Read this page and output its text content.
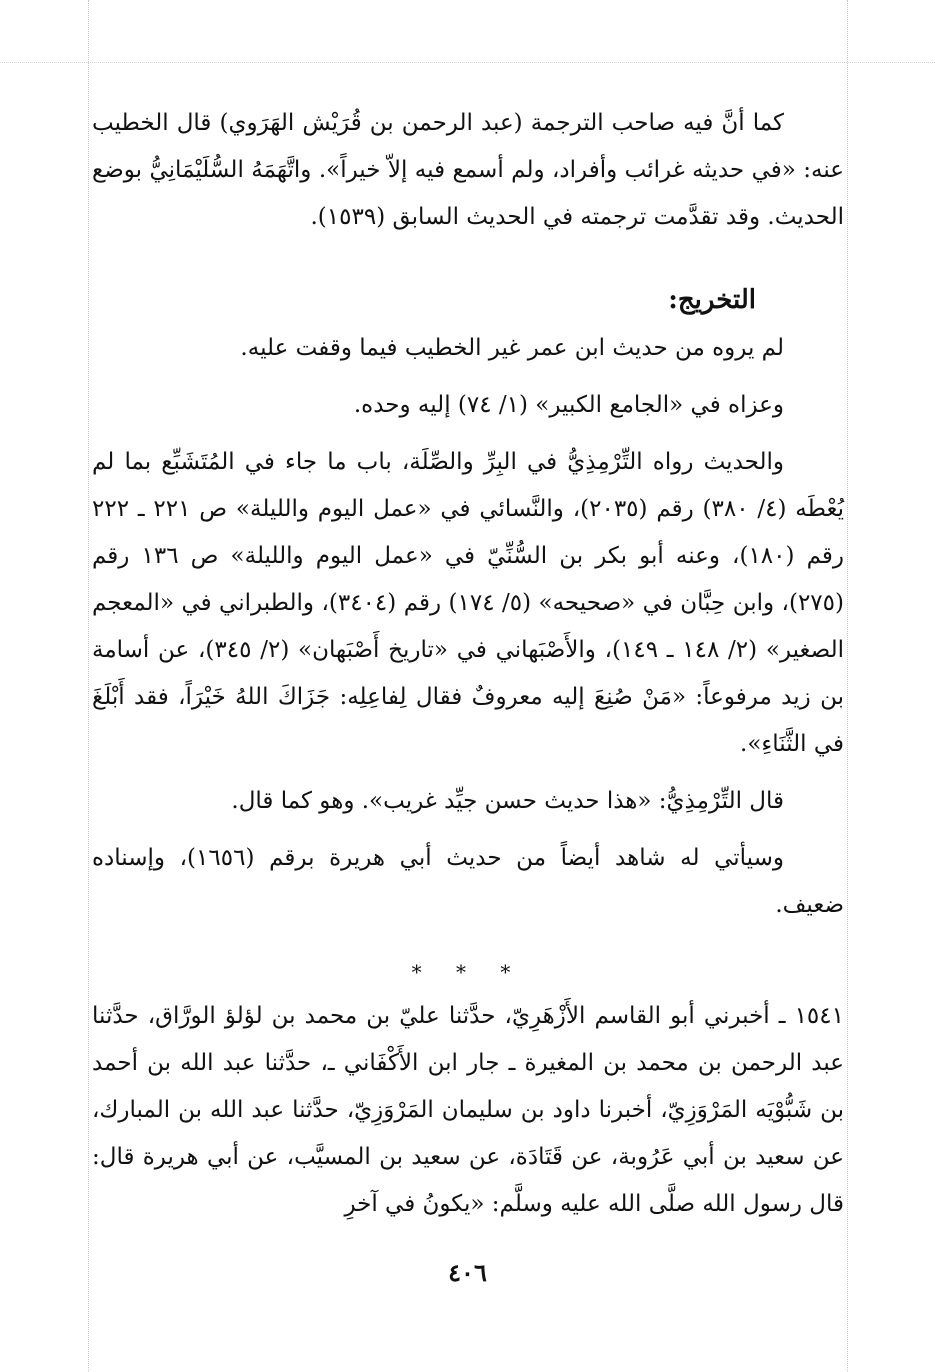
كما أنَّ فيه صاحب الترجمة (عبد الرحمن بن قُرَيْش الهَرَوي) قال الخطيب عنه: «في حديثه غرائب وأفراد، ولم أسمع فيه إلاّ خيراً». واتَّهَمَهُ السُّلَيْمَانِيُّ بوضع الحديث. وقد تقدَّمت ترجمته في الحديث السابق (١٥٣٩).

التخريج:

لم يروه من حديث ابن عمر غير الخطيب فيما وقفت عليه.

وعزاه في «الجامع الكبير» (١/ ٧٤) إليه وحده.

والحديث رواه التِّرْمِذِيُّ في البِرِّ والصِّلَة، باب ما جاء في المُتَشَبِّع بما لم يُعْطَه (٤/ ٣٨٠) رقم (٢٠٣٥)، والنَّسائي في «عمل اليوم والليلة» ص ٢٢١ ـ ٢٢٢ رقم (١٨٠)، وعنه أبو بكر بن السُّنِّيّ في «عمل اليوم والليلة» ص ١٣٦ رقم (٢٧٥)، وابن حِبَّان في «صحيحه» (٥/ ١٧٤) رقم (٣٤٠٤)، والطبراني في «المعجم الصغير» (٢/ ١٤٨ ـ ١٤٩)، والأَصْبَهاني في «تاريخ أَصْبَهان» (٢/ ٣٤٥)، عن أسامة بن زيد مرفوعاً: «مَنْ صُنِعَ إليه معروفٌ فقال لِفاعِلِه: جَزَاكَ اللهُ خَيْرَاً، فقد أَبْلَغَ في الثَّنَاءِ».

قال التِّرْمِذِيُّ: «هذا حديث حسن جيِّد غريب». وهو كما قال.

وسيأتي له شاهد أيضاً من حديث أبي هريرة برقم (١٦٥٦)، وإسناده ضعيف.

* * *

١٥٤١ ـ أخبرني أبو القاسم الأَزْهَرِيّ، حدَّثنا عليّ بن محمد بن لؤلؤ الورَّاق، حدَّثنا عبد الرحمن بن محمد بن المغيرة ـ جار ابن الأَكْفَاني ـ، حدَّثنا عبد الله بن أحمد بن شَبُّوْيَه المَرْوَزِيّ، أخبرنا داود بن سليمان المَرْوَزِيّ، حدَّثنا عبد الله بن المبارك، عن سعيد بن أبي عَرُوبة، عن قَتَادَة، عن سعيد بن المسيَّب، عن أبي هريرة قال: قال رسول الله صلَّى الله عليه وسلَّم: «يكونُ في آخرِ

٤٠٦
